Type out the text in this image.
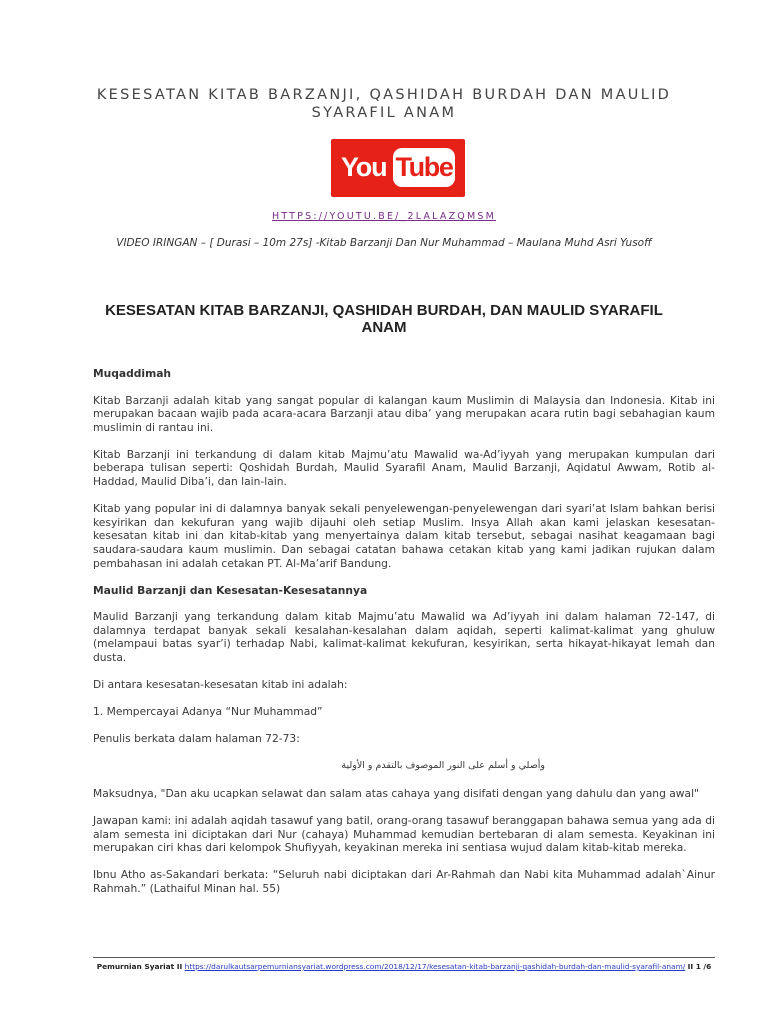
KESESATAN KITAB BARZANJI, QASHIDAH BURDAH DAN MAULID SYARAFIL ANAM
You Tube
HTTPS://YOUTU.BE/_2LALAZQMSM
VIDEO IRINGAN – [ Durasi – 10m 27s] -Kitab Barzanji Dan Nur Muhammad – Maulana Muhd Asri Yusoff
KESESATAN KITAB BARZANJI, QASHIDAH BURDAH, DAN MAULID SYARAFIL ANAM
Muqaddimah

Kitab Barzanji adalah kitab yang sangat popular di kalangan kaum Muslimin di Malaysia dan Indonesia. Kitab ini merupakan bacaan wajib pada acara-acara Barzanji atau diba’ yang merupakan acara rutin bagi sebahagian kaum muslimin di rantau ini.

Kitab Barzanji ini terkandung di dalam kitab Majmu’atu Mawalid wa-Ad’iyyah yang merupakan kumpulan dari beberapa tulisan seperti: Qoshidah Burdah, Maulid Syarafil Anam, Maulid Barzanji, Aqidatul Awwam, Rotib al-Haddad, Maulid Diba’i, dan lain-lain.

Kitab yang popular ini di dalamnya banyak sekali penyelewengan-penyelewengan dari syari’at Islam bahkan berisi kesyirikan dan kekufuran yang wajib dijauhi oleh setiap Muslim. Insya Allah akan kami jelaskan kesesatan-kesesatan kitab ini dan kitab-kitab yang menyertainya dalam kitab tersebut, sebagai nasihat keagamaan bagi saudara-saudara kaum muslimin. Dan sebagai catatan bahawa cetakan kitab yang kami jadikan rujukan dalam pembahasan ini adalah cetakan PT. Al-Ma’arif Bandung.

Maulid Barzanji dan Kesesatan-Kesesatannya

Maulid Barzanji yang terkandung dalam kitab Majmu’atu Mawalid wa Ad’iyyah ini dalam halaman 72-147, di dalamnya terdapat banyak sekali kesalahan-kesalahan dalam aqidah, seperti kalimat-kalimat yang ghuluw (melampaui batas syar’i) terhadap Nabi, kalimat-kalimat kekufuran, kesyirikan, serta hikayat-hikayat lemah dan dusta.

Di antara kesesatan-kesesatan kitab ini adalah:

1. Mempercayai Adanya “Nur Muhammad”

Penulis berkata dalam halaman 72-73:

وأصلي و أسلم على النور الموصوف بالتقدم و الأولية

Maksudnya, "Dan aku ucapkan selawat dan salam atas cahaya yang disifati dengan yang dahulu dan yang awal"

Jawapan kami: ini adalah aqidah tasawuf yang batil, orang-orang tasawuf beranggapan bahawa semua yang ada di alam semesta ini diciptakan dari Nur (cahaya) Muhammad kemudian bertebaran di alam semesta. Keyakinan ini merupakan ciri khas dari kelompok Shufiyyah, keyakinan mereka ini sentiasa wujud dalam kitab-kitab mereka.

Ibnu Atho as-Sakandari berkata: “Seluruh nabi diciptakan dari Ar-Rahmah dan Nabi kita Muhammad adalah`Ainur Rahmah.” (Lathaiful Minan hal. 55)

Pemurnian Syariat II https://darulkautsarpemurniansyariat.wordpress.com/2018/12/17/kesesatan-kitab-barzanji-qashidah-burdah-dan-maulid-syarafil-anam/ II 1 /6
